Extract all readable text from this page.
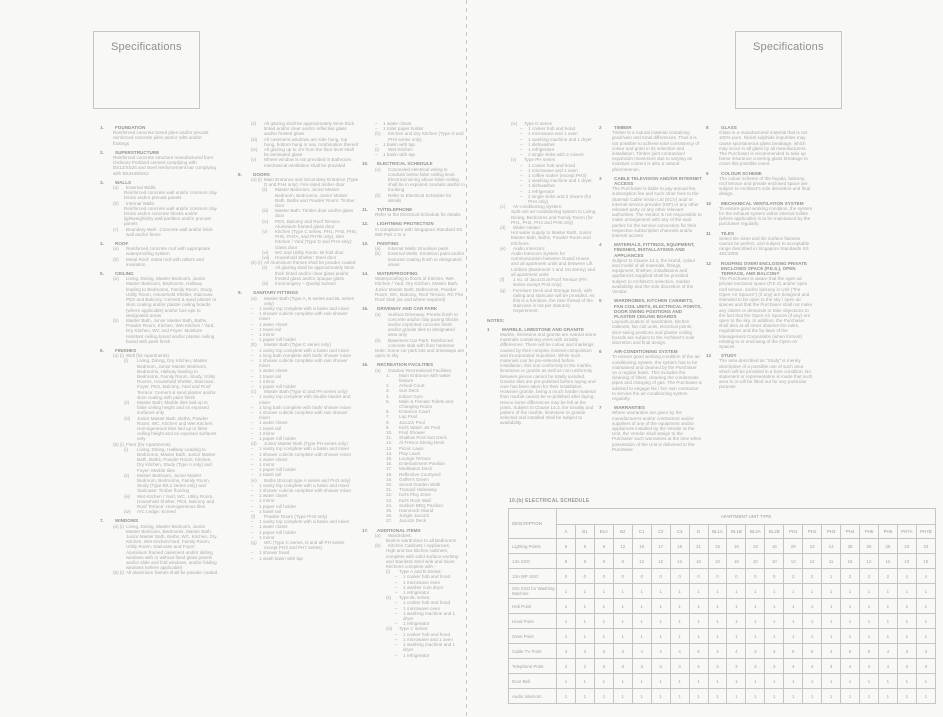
Specifications
1.	FOUNDATION
Reinforced concrete bored piles and/or precast reinforced concrete piles and/or rafts and/or footings
2.	SUPERSTRUCTURE
Reinforced concrete structure manufactured from Ordinary Portland cement complying with BS12/SS26 and steel reinforcement bar complying with BS4449/SS2
3.	WALLS
(a)	External Walls:
Reinforced concrete wall and/or common clay bricks and/or precast panels
(b)	Internal Walls:
Reinforced concrete wall and/or common clay bricks and/or concrete blocks and/or lightweight/dry wall partition and/or precast panels
(c)	Boundary Wall : Concrete wall and/or brick wall and/or fence
4.	ROOF
(a)	Reinforced concrete roof with appropriate waterproofing system
(b)	Metal Roof: metal roof with rafters and insulation
5.	CEILING
(a)	Living, Dining, Master Bedroom, Junior Master Bedroom, Bedrooms, Hallway leading to Bedrooms, Family Room, Study, Utility Room, Household Shelter, Staircase, PES and Balcony: Cement & sand plaster or skim coating and/or plaster ceiling boards (where applicable) and/or box-ups to designated areas
(b)	Master Bath, Junior Master Bath, Baths, Powder Room, Kitchen, Wet Kitchen / Yard, Dry Kitchen, WC and Foyer: Moisture resistant ceiling board and/or plaster ceiling board with paint finish
6.	FINISHES
(a) (i) Wall (for Apartments)
(i)	Living, Dining, Dry Kitchen, Master Bedroom, Junior Master Bedroom, Bedrooms, Hallway leading to Bedrooms, Family Room, Study, Utility Rooms, Household Shelter, Staircase, Foyer, PES, Balcony, Yard and Roof Terrace: Cement & sand plaster and/or skim coating with paint finish
(ii)	Master Bath: Marble tiles laid up to false ceiling height and on exposed surfaces only
(iii)	Junior Master Bath, Baths, Powder Room, WC, Kitchen and Wet Kitchen: Homogeneous tiles laid up to false ceiling height and on exposed surfaces only
(b) (i) Floor (for Apartments)
(i)	Living, Dining, Hallway Leading to Bedrooms, Master Bath, Junior Master Bath, Baths, Powder Room, Kitchen, Dry Kitchen, Study (Type A only) and Foyer: Marble tiles
(ii)	Master Bedroom, Junior Master Bedroom, Bedrooms, Family Room, Study (Type B/L2 series only) and Staircase: Timber flooring
(iii)	Wet Kitchen / Yard, WC, Utility Room, Household Shelter, PES, Balcony and Roof Terrace: Homogeneous tiles
(iv)	A/C Ledge: Screed
7.	WINDOWS
(a) (i) Living, Dining, Master Bedroom, Junior Master Bedroom, Bedrooms, Master Bath, Junior Master Bath, Baths, WC, Kitchen, Dry Kitchen, Wet Kitchen/Yard, Family Room, Utility Room, Staircase and Foyer: Aluminium framed casement and/or sliding windows with or without fixed glass panels and/or slide and fold windows, and/or folding windows (where applicable)
(b) (i) All aluminium frames shall be powder coated
(ii)	All glazing shall be approximately 6mm thick tinted and/or clear and/or reflective glass and/or frosted glass
(iii)	All casement windows are side hung, top hung, bottom hung or any combination thereof
(iv)	All glazing up to 1m from the floor level shall be laminated glass
(v)	Where window is not provided in Bathroom, mechanical ventilation shall be provided
8.	DOORS
(a) (i) Main Entrance and Secondary Entrance (Type D and PH4 only): Fire-rated timber door
(ii)	Master Bedroom, Junior Master Bedroom, Bedrooms, Junior Master Bath, Baths and Powder Room: Timber door
(iii)	Master Bath: Timber door and/or glass door
(iv)	PES, Balcony and Roof Terrace: Aluminium framed glass door
(v)	Kitchen (Type C series, PH1, PH2, PH5, PH6, PH7A, and PH7B only), Wet Kitchen / Yard (Type D and PH4 only): Glass door
(vi)	WC and Utility Room: Bi-fold door
(vii)	Household Shelter: Steel door
(b) (i) All Aluminium frames shall be powder coated
(ii)	All glazing shall be approximately 6mm thick tinted and/or clear glass and/or frosted glass and/or opaque glass
(iii)	Ironmongery – Quality lockset
9.	SANITARY FITTINGS
(a)	Master Bath (Type A, B series and BL series only)
–	1 vanity top complete with a basin and mixer
–	1 shower cubicle complete with rain shower mixer
–	1 water closet
–	1 towel rail
–	1 mirror
–	1 paper roll holder
(b)	Master Bath (Type C series only)
–	1 vanity top complete with a basin and mixer
–	1 long bath complete with bath/ shower mixer
–	1 shower cubicle complete with rain shower mixer
–	1 water closet
–	1 towel rail
–	1 mirror
–	1 paper roll holder
(c)	Master Bath (Type D and PH series only)
–	1 vanity top complete with double basins and mixer
–	1 long bath complete with bath/ shower mixer
–	1 shower cubicle complete with rain shower mixer
–	1 water closet
–	1 towel rail
–	1 mirror
–	1 paper roll holder
(d)	Junior Master Bath (Type PH series only)
–	1 vanity top complete with a basin and mixer
–	1 shower cubicle complete with shower mixer
–	1 water closet
–	1 mirror
–	1 paper roll holder
–	1 towel rail
(e)	Baths (Except type A series and PH3 only)
–	1 vanity top complete with a basin and mixer
–	1 shower cubicle complete with shower mixer
–	1 water closet
–	1 mirror
–	1 paper roll holder
–	1 towel rail
(f)	Powder Room (Type PH3 only)
–	1 vanity top complete with a basin and mixer
–	1 water closet
–	1 paper roll holder
–	1 mirror
(g)	WC (Type C series, D and all PH series except PH3 and PH7 series)
–	1 shower head
–	1 wash basin with tap
–	1 water closet
–	1 toilet paper holder
(h)	Kitchen and Dry Kitchen (Type D and PH4 series only)
–	1 basin with tap
(i)	Wet Kitchen
–	1 basin with tap
10.	ELECTRICAL SCHEDULE
(a)	Concealed electrical wiring in conduits below false ceiling level. Electrical wiring above false ceiling shall be in exposed conduits and/or in trunking
(b)	Refer to Electrical Schedule for details
11.	TV/TELEPHONE
Refer to the Electrical Schedule for details
12.	LIGHTNING PROTECTION
In compliance with Singapore Standard SS 555 Part 1 to 4
13.	PAINTING
(a)	Internal Walls: Emulsion paint
(b)	External Walls: Emulsion paint and/or textured coating finish to designated areas
14.	WATERPROOFING
Waterproofing to floors of Kitchen, Wet Kitchen / Yard, Dry Kitchen, Master Bath, Junior Master Bath, Bathrooms, Powder Room, WC, Balcony, Roof Terrace, RC Flat Roof Slab (as and where required)
15.	DRIVEWAY AND CAR PARK
(a)	Surface Driveway: Premix finish to concrete and/or clay paving blocks and/or imprinted concrete finish and/or granite tiles to designated area only
(b)	Basement Car Park: Reinforced concrete slab with floor hardener
Note: Some car park lots and driveways are open to sky
16.	RECREATION FACILITIES
(a)	Outdoor Recreational Facilities:
1.	Main Entrance with water feature
2.	Arrival Court
3.	Sun Deck
4.	Indoor Gym
5.	Male & Female Toilets and Changing Room
6.	Entrance Court
7.	Lap Pool
8.	Jacuzzi Pool
9.	Kid's Water Jet Pool
10.	Pool Shower
11.	Shallow Pool Sun Deck
12.	Al Fresco Dining Deck
13.	Picnic Lawn
14.	Play Lawn
15.	Lounge Terrace
16.	Entertainment Pavilion
17.	Meditation Deck
18.	Reflective Courtyard
19.	Golfer's Green
20.	Secret Garden Walk
21.	Tranquil Hideaway
22.	Kid's Play Zone
23.	Kid's Rock Wall
24.	Sunken BBQ Pavilion
25.	Hammock Island
26.	Jungle Jacuzzi
27.	Jacuzzi Deck
17.	ADDITIONAL ITEMS
(a)	Wardrobes:
Built-in wardrobes to all Bedrooms
(b)	Kitchen Cabinets / Appliances:
High and low kitchen cabinets, complete with solid surface worktop and stainless steel sink and mixer. Kitchens complete with -
(i)	Type A and B Series:
–	1 cooker hob and hood
–	1 microwave oven
–	1 washer cum dryer
–	1 refrigerator
(ii)	Type BL series:
–	1 cooker hob and hood
–	1 microwave oven
–	1 washing machine and 1 dryer
–	1 refrigerator
(iii)	Type C series:
–	1 cooker hob and hood
–	1 microwave and 1 oven
–	1 washing machine and 1 dryer
–	1 refrigerator
Specifications
(iv)	Type D series
–	1 cooker hob and hood
–	1 microwave and 1 oven
–	1 washing machine and 1 dryer
–	1 dishwasher
–	1 refrigerator
–	2 single sinks with 2 mixers
(v)	Type PH series
–	1 cooker hob and hood
–	1 microwave and 1 oven
–	1 coffee maker (except PH3)
–	1 washing machine and 1 dryer
–	1 dishwasher
–	1 refrigerator
–	2 single sinks and 2 mixers (for PH4 only)
(c)	Air-conditioning System:
Split unit air-conditioning system to Living, Dining, Bedrooms and Family Room (for PH1, PH2, PH4 and PH6 only)
(d)	Water Heater:
Hot water supply to Master Bath, Junior Master Bath, Baths, Powder Room and Kitchens
(e)	Audio Intercom:
Audio Intercom System for communication between Guard House and all apartment units and between Lift Lobbies (Basement 1 and 1st storey) and all apartment units
(f)	1 no. of Jacuzzi at Roof Terrace (PH series except PH3 only)
(g)	Furniture Deck and Storage Deck, with railing and staircase will be provided. As this is a furniture, the riser thread of the staircase is not per statutory requirement.
NOTES:
1	MARBLE, LIMESTONE AND GRANITE
Marble, limestone and granite are natural stone materials containing veins with tonality differences. There will be colour and markings caused by their complex mineral composition and incorporated impurities. While such materials can be pre-selected before installation, this non-conformity in the marble, limestone or granite as well as non-uniformity between pieces cannot be totally avoided. Granite tiles are pre-polished before laying and care has been taken for their installation. However granite, being a much harder material than marble cannot be re-polished after laying. Hence some differences may be felt at the joints. Subject to Clause 14.3, the tonality and pattern of the marble, limestone or granite selected and installed shall be subject to availability.
2	TIMBER
Timber is a natural material containing grain/vein and tonal differences. Thus it is not possible to achieve total consistency of colour and grain in its selection and installation. Timber joint contraction/ expansion movement due to varying air moisture content is also a natural phenomenon.
3	CABLE TELEVISION AND/OR INTERNET ACCESS
The Purchaser is liable to pay annual fee, subscription fee and such other fees to the StarHub Cable Vision Ltd (SCV) and/ or Internet service provider (ISP) or any other relevant party or any other relevant authorities. The Vendor is not responsible to make arrangement with any of the said parties for the service connection for their respective subscription channels and/or internet access.
4	MATERIALS, FITTINGS, EQUIPMENT, FINISHES, INSTALLATIONS AND APPLIANCES
Subject to Clause 14.3, the brand, colour and model of all materials, fittings, equipment, finishes, installations and appliances supplied shall be provided subject to Architect's selection, market availability and the sole discretion of the Vendor.
5	WARDROBES, KITCHEN CABINETS, FAN COIL UNITS, ELECTRICAL POINTS, DOOR SWING POSITIONS AND PLASTER CEILING BOARDS
Layout/Location of wardrobes, kitchen cabinets, fan coil units, electrical points, door swing positions and plaster ceiling boards are subject to the Architect's sole discretion and final design.
6	AIR-CONDITIONING SYSTEM
To ensure good working condition of the air-conditioning system, the system has to be maintained and cleaned by the Purchaser on a regular basis. This includes the cleaning of filters, cleaning the condensate pipes and charging of gas. The Purchaser is advised to engage his / her own contractor to service the air-conditioning system regularly.
7	WARRANTIES
Where warranties are given by the manufacturers and/or contractors and/or suppliers of any of the equipment and/or appliances installed by the Vendor at the Unit, the Vendor shall assign to the Purchaser such warranties at the time when possession of the Unit is delivered to the Purchaser.
8	GLASS
Glass is a manufactured material that is not 100% pure. Nickel sulphide impurities may cause spontaneous glass breakage, which may occur in all glass by all manufacturers. The Purchaser is recommended to take up home insurance covering glass breakage to cover this possible event.
9	COLOUR SCHEME
The colour scheme of the façade, balcony, roof terrace and private enclosed space are subject to Architect's sole discretion and final design.
10	MECHANICAL VENTILATION SYSTEM
To ensure good working condition, the system for the exhaust system within internal toilets (where applicable) is to be maintained by the purchaser regularly.
11	TILES
Select tile sizes and tile surface flatness cannot be perfect, and subject to acceptable range described in Singapore Standards SS 483:2000
12	ROOFING OVER/ ENCLOSING PRIVATE ENCLOSED SPACE (P.E.S.), OPEN TERRACE, AND BALCONY
The Purchaser is aware that the open air private enclosed space (P.E.S) and/or open roof terrace, and/or balcony in Unit ("the Open-Air Spaces") (if any) are designed and intended to be open to the sky / open air spaces and that the Purchaser shall not make any claims or demands or take objections to the fact that the Open-Air Spaces (if any) are open to the sky. In addition, the Purchaser shall also at all times observe the rules, regulations and the by-laws of the Management Corporation (when formed) relating to or enclosing of the Open-Air Spaces.
13	STUDY
The area described as "Study" is merely descriptive of a possible use of such area which will be provided in a bare condition. No statement or representation is made that such area is or will be fitted out for any particular purpose.
10.(b) ELECTRICAL SCHEDULE
DESCRIPTION	APARTMENT UNIT TYPE																			
	A	B1	B1A	B2	C1	C2	C3	D	BL1A	BL1B	BL2A	BL2B	PH1	PH2	PH3	PH4	PH5	PH6	PH7A	PH7B
Lighting Points	8	9	9	12	16	17	18	21	15	15	18	18	29	23	14	28	26	29	23	23
13A SSO	8	9	9	9	12	12	12	16	10	10	10	10	12	12	11	15	12	12	10	10
13A WP SSO	0	0	0	0	0	0	0	0	0	0	0	0	2	2	1	2	2	2	4	4
20A SSO for Washing Machine	1	1	1	1	1	1	1	1	1	1	1	1	1	1	1	1	1	1	1	1
Hob Point	1	1	1	1	1	1	1	1	1	1	1	1	1	1	1	1	1	1	1	1
Hood Point	1	1	1	1	1	1	1	1	1	1	1	1	1	1	1	1	1	1	1	1
Oven Point	1	1	1	1	1	1	1	1	1	1	1	1	1	1	1	1	1	1	1	1
Cable TV Point	3	3	3	3	4	4	4	5	4	4	3	3	5	5	4	6	5	4	3	3
Telephone Point	2	2	3	3	3	3	3	4	3	3	3	3	4	4	3	4	4	4	3	3
Door Bell	1	1	1	1	1	1	1	1	1	1	1	1	1	1	1	1	1	1	1	1
Audio Intercom	1	1	1	1	1	1	1	1	1	1	1	1	1	1	1	1	1	1	1	1
